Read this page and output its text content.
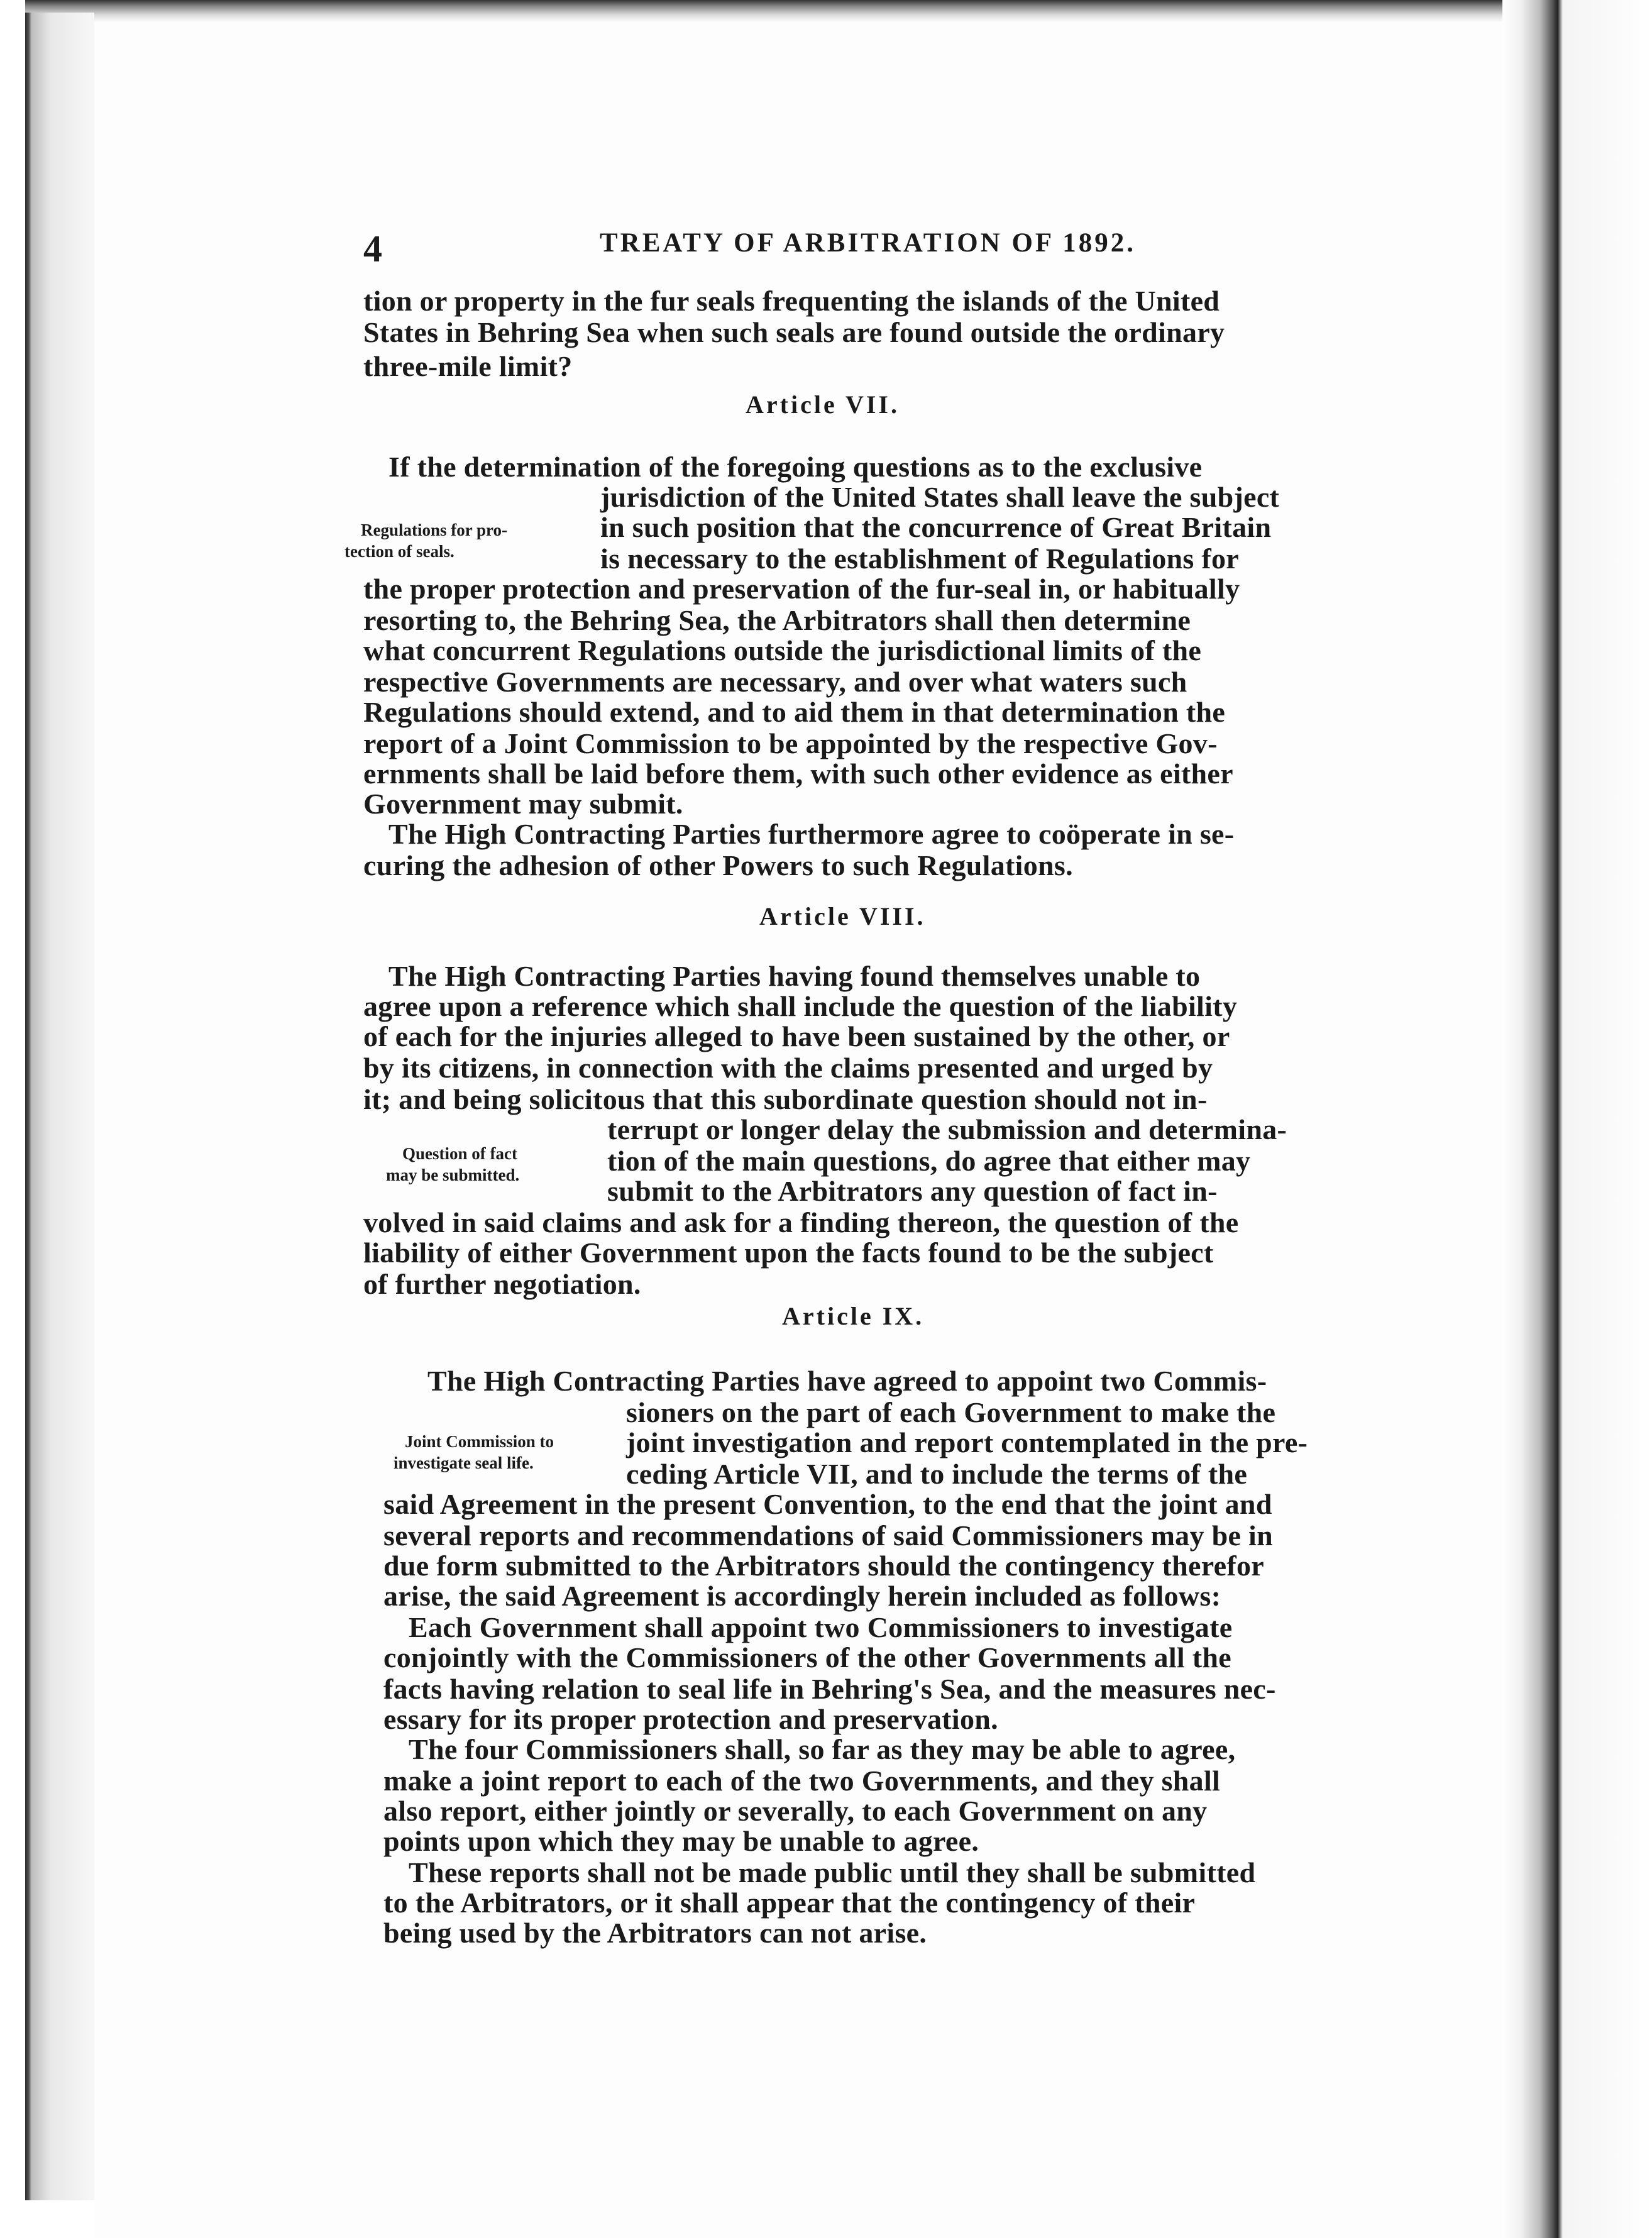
4	TREATY OF ARBITRATION OF 1892.
tion or property in the fur seals frequenting the islands of the United
States in Behring Sea when such seals are found outside the ordinary
three-mile limit?
Article VII.
Regulations for pro-
tection of seals.
If the determination of the foregoing questions as to the exclusive
jurisdiction of the United States shall leave the subject
in such position that the concurrence of Great Britain
is necessary to the establishment of Regulations for
the proper protection and preservation of the fur-seal in, or habitually
resorting to, the Behring Sea, the Arbitrators shall then determine
what concurrent Regulations outside the jurisdictional limits of the
respective Governments are necessary, and over what waters such
Regulations should extend, and to aid them in that determination the
report of a Joint Commission to be appointed by the respective Gov-
ernments shall be laid before them, with such other evidence as either
Government may submit.
The High Contracting Parties furthermore agree to coöperate in se-
curing the adhesion of other Powers to such Regulations.
Article VIII.
Question of fact
may be submitted.
The High Contracting Parties having found themselves unable to
agree upon a reference which shall include the question of the liability
of each for the injuries alleged to have been sustained by the other, or
by its citizens, in connection with the claims presented and urged by
it; and being solicitous that this subordinate question should not in-
terrupt or longer delay the submission and determina-
tion of the main questions, do agree that either may
submit to the Arbitrators any question of fact in-
volved in said claims and ask for a finding thereon, the question of the
liability of either Government upon the facts found to be the subject
of further negotiation.
Article IX.
Joint Commission to
investigate seal life.
The High Contracting Parties have agreed to appoint two Commis-
sioners on the part of each Government to make the
joint investigation and report contemplated in the pre-
ceding Article VII, and to include the terms of the
said Agreement in the present Convention, to the end that the joint and
several reports and recommendations of said Commissioners may be in
due form submitted to the Arbitrators should the contingency therefor
arise, the said Agreement is accordingly herein included as follows:
Each Government shall appoint two Commissioners to investigate
conjointly with the Commissioners of the other Governments all the
facts having relation to seal life in Behring's Sea, and the measures nec-
essary for its proper protection and preservation.
The four Commissioners shall, so far as they may be able to agree,
make a joint report to each of the two Governments, and they shall
also report, either jointly or severally, to each Government on any
points upon which they may be unable to agree.
These reports shall not be made public until they shall be submitted
to the Arbitrators, or it shall appear that the contingency of their
being used by the Arbitrators can not arise.
